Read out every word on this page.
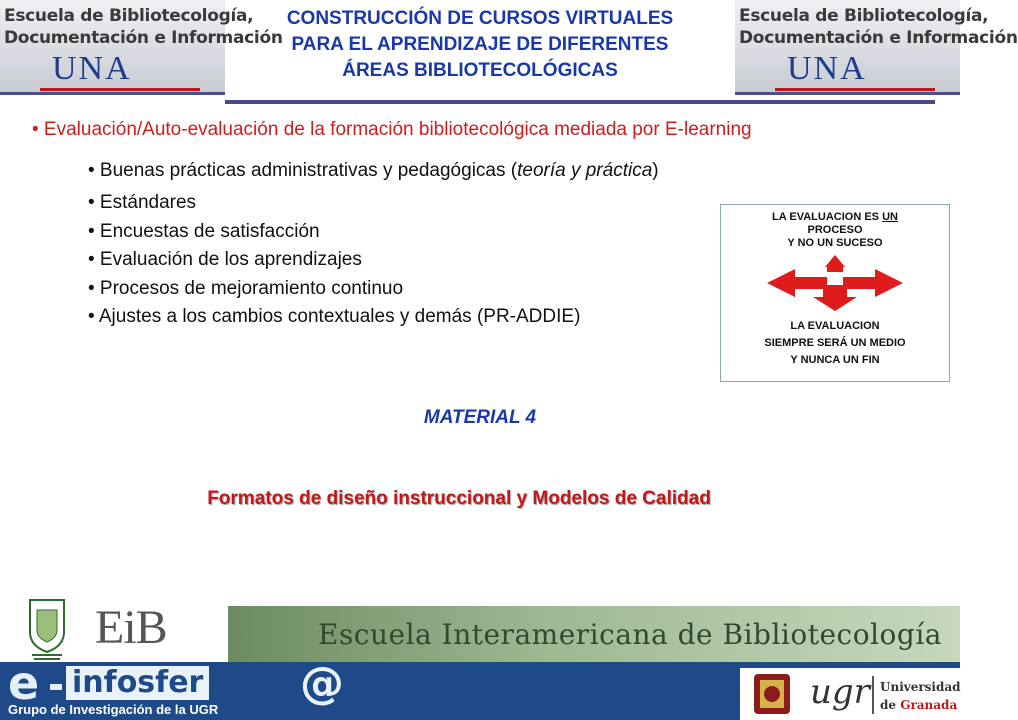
Escuela de Bibliotecología,
Documentación e Información
UNA
Escuela de Bibliotecología,
Documentación e Información
UNA
CONSTRUCCIÓN DE CURSOS VIRTUALES
PARA EL APRENDIZAJE DE DIFERENTES
ÁREAS BIBLIOTECOLÓGICAS
• Evaluación/Auto-evaluación de la formación bibliotecológica mediada por E-learning
• Buenas prácticas administrativas y pedagógicas (teoría y práctica)
• Estándares
• Encuestas de satisfacción
• Evaluación de los aprendizajes
• Procesos de mejoramiento continuo
• Ajustes a los cambios contextuales y demás (PR-ADDIE)
LA EVALUACION ES UN
PROCESO
Y NO UN SUCESO
LA EVALUACION
SIEMPRE SERÁ UN MEDIO
Y NUNCA UN FIN
MATERIAL 4
Formatos de diseño instruccional y Modelos de Calidad
EiB	Escuela Interamericana de Bibliotecología
e infosfer @
Grupo de Investigación de la UGR	ugr Universidad
de Granada
